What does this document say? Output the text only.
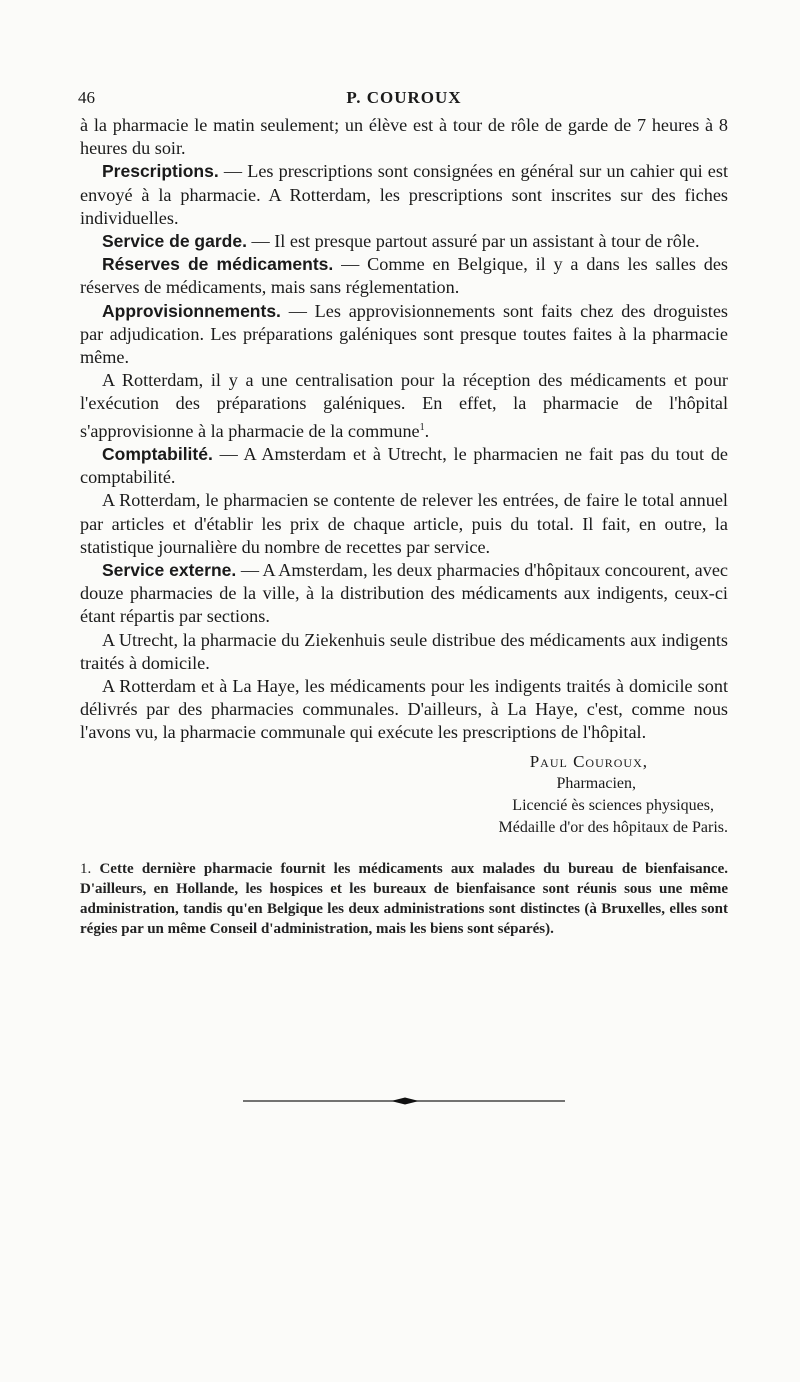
46	P. COUROUX

à la pharmacie le matin seulement; un élève est à tour de rôle de garde de 7 heures à 8 heures du soir.

Prescriptions. — Les prescriptions sont consignées en général sur un cahier qui est envoyé à la pharmacie. A Rotterdam, les prescriptions sont inscrites sur des fiches individuelles.

Service de garde. — Il est presque partout assuré par un assistant à tour de rôle.

Réserves de médicaments. — Comme en Belgique, il y a dans les salles des réserves de médicaments, mais sans réglementation.

Approvisionnements. — Les approvisionnements sont faits chez des droguistes par adjudication. Les préparations galéniques sont presque toutes faites à la pharmacie même.

A Rotterdam, il y a une centralisation pour la réception des médicaments et pour l'exécution des préparations galéniques. En effet, la pharmacie de l'hôpital s'approvisionne à la pharmacie de la commune$^1$.

Comptabilité. — A Amsterdam et à Utrecht, le pharmacien ne fait pas du tout de comptabilité.

A Rotterdam, le pharmacien se contente de relever les entrées, de faire le total annuel par articles et d'établir les prix de chaque article, puis du total. Il fait, en outre, la statistique journalière du nombre de recettes par service.

Service externe. — A Amsterdam, les deux pharmacies d'hôpitaux concourent, avec douze pharmacies de la ville, à la distribution des médicaments aux indigents, ceux-ci étant répartis par sections.

A Utrecht, la pharmacie du Ziekenhuis seule distribue des médicaments aux indigents traités à domicile.

A Rotterdam et à La Haye, les médicaments pour les indigents traités à domicile sont délivrés par des pharmacies communales. D'ailleurs, à La Haye, c'est, comme nous l'avons vu, la pharmacie communale qui exécute les prescriptions de l'hôpital.

Paul Couroux,
Pharmacien,
Licencié ès sciences physiques,
Médaille d'or des hôpitaux de Paris.
1. Cette dernière pharmacie fournit les médicaments aux malades du bureau de bienfaisance. D'ailleurs, en Hollande, les hospices et les bureaux de bienfaisance sont réunis sous une même administration, tandis qu'en Belgique les deux administrations sont distinctes (à Bruxelles, elles sont régies par un même Conseil d'administration, mais les biens sont séparés).
